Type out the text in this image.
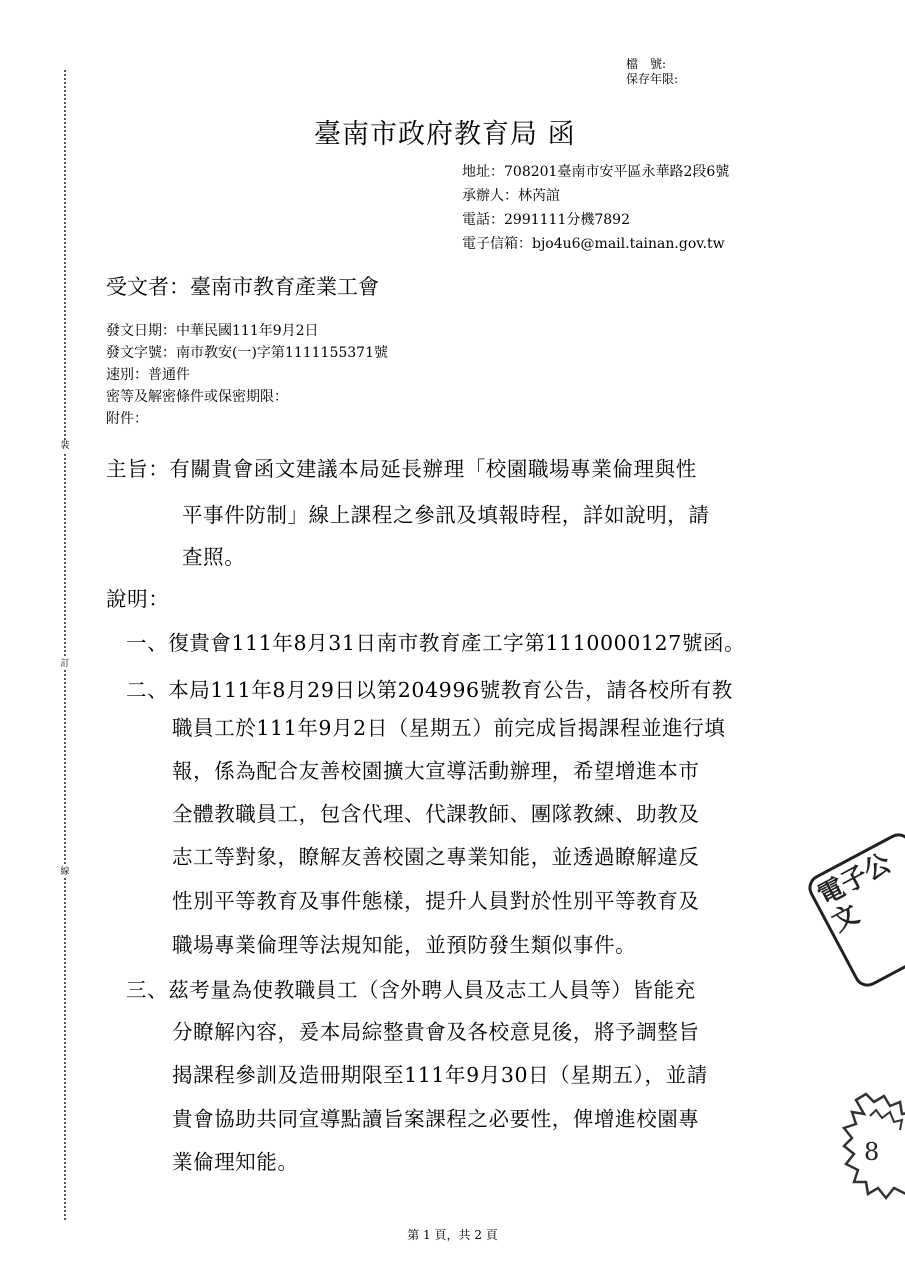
裝
訂
線
檔　號:
保存年限:
臺南市政府教育局 函
地址：708201臺南市安平區永華路2段6號
承辦人：林芮誼
電話：2991111分機7892
電子信箱：bjo4u6@mail.tainan.gov.tw
受文者：臺南市教育產業工會
發文日期：中華民國111年9月2日
發文字號：南市教安(一)字第1111155371號
速別：普通件
密等及解密條件或保密期限：
附件：
主旨：有關貴會函文建議本局延長辦理「校園職場專業倫理與性
平事件防制」線上課程之參訊及填報時程，詳如說明，請
查照。
說明：
一、復貴會111年8月31日南市教育產工字第1110000127號函。
二、本局111年8月29日以第204996號教育公告，請各校所有教
職員工於111年9月2日（星期五）前完成旨揭課程並進行填
報，係為配合友善校園擴大宣導活動辦理，希望增進本市
全體教職員工，包含代理、代課教師、團隊教練、助教及
志工等對象，瞭解友善校園之專業知能，並透過瞭解違反
性別平等教育及事件態樣，提升人員對於性別平等教育及
職場專業倫理等法規知能，並預防發生類似事件。
三、茲考量為使教職員工（含外聘人員及志工人員等）皆能充
分瞭解內容，爰本局綜整貴會及各校意見後，將予調整旨
揭課程參訓及造冊期限至111年9月30日（星期五），並請
貴會協助共同宣導點讀旨案課程之必要性，俾增進校園專
業倫理知能。
電子公文
8
第 1 頁，共 2 頁
